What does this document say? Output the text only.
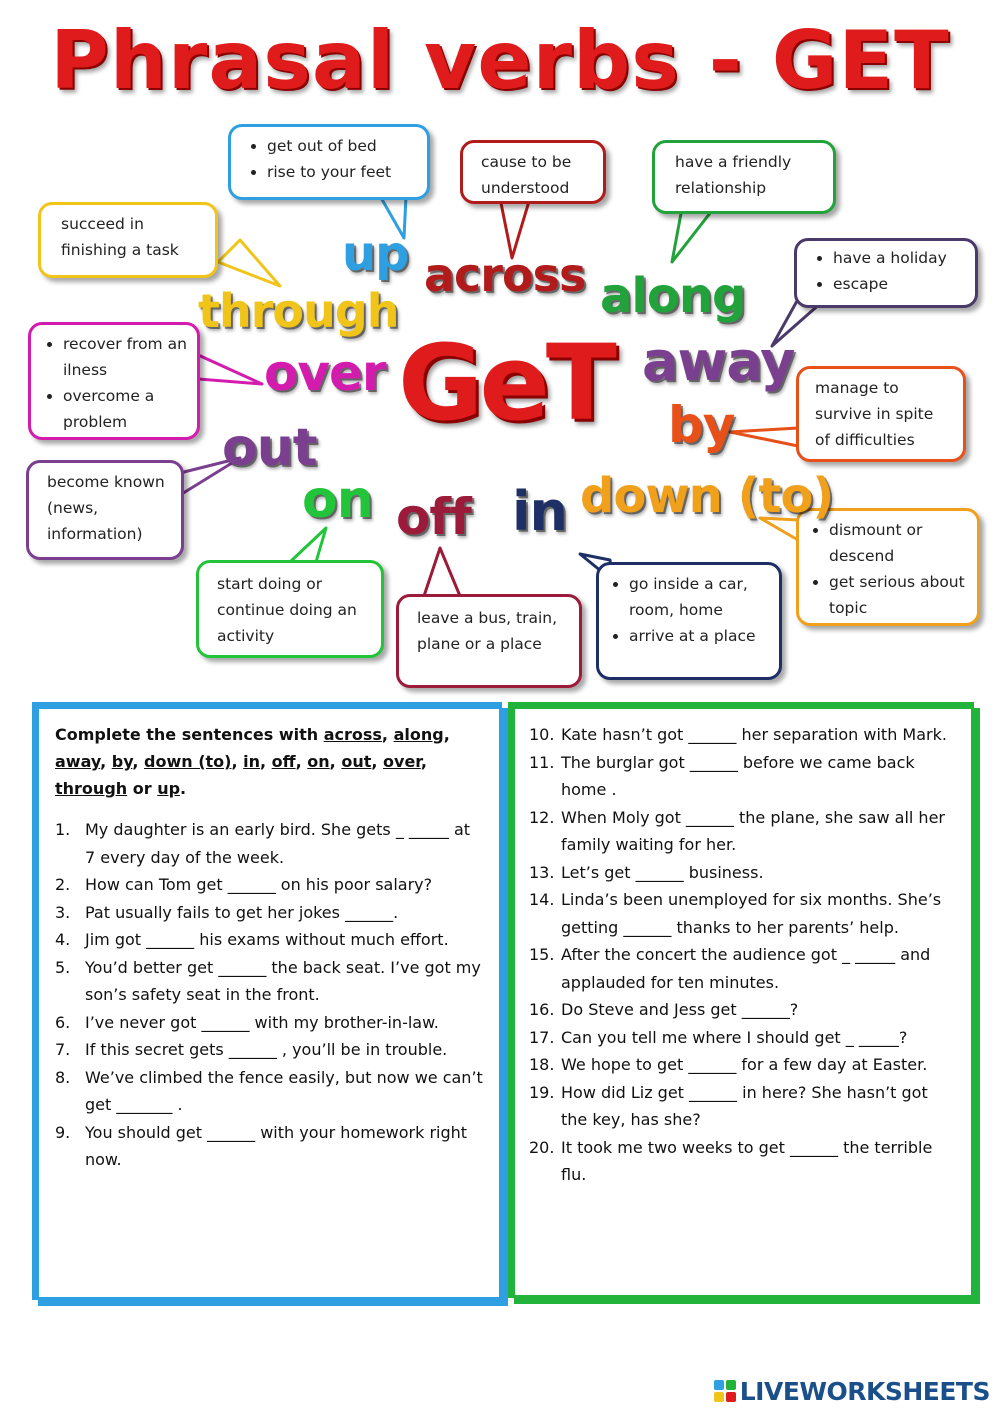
Phrasal verbs - GET
• get out of bed
• rise to your feet

cause to be understood

have a friendly relationship

succeed in finishing a task

•	have a holiday
• escape
• recover from an ilness
• overcome a problem

manage to survive in spite of difficulties

become known (news, information)

start doing or continue doing an activity

leave a bus, train, plane or a place

• go inside a car, room, home
• arrive at a place
• dismount or descend
• get serious about topic
up across along
through
over GeT away
by
out
on off in down (to)
Complete the sentences with across, along, away, by, down (to), in, off, on, out, over, through or up.
1. My daughter is an early bird. She gets _ _____ at 7 every day of the week.
2. How can Tom get ______ on his poor salary?
3. Pat usually fails to get her jokes ______.
4. Jim got ______ his exams without much effort.
5. You’d better get ______ the back seat. I’ve got my son’s safety seat in the front.
6. I’ve never got ______ with my brother-in-law.
7. If this secret gets ______ , you’ll be in trouble.
8. We’ve climbed the fence easily, but now we can’t get _______ .
9. You should get ______ with your homework right now.
10. Kate hasn’t got ______ her separation with Mark.
11. The burglar got ______ before we came back home .
12. When Moly got ______ the plane, she saw all her family waiting for her.
13. Let’s get ______ business.
14. Linda’s been unemployed for six months. She’s getting ______ thanks to her parents’ help.
15. After the concert the audience got _ _____ and applauded for ten minutes.
16. Do Steve and Jess get ______?
17. Can you tell me where I should get _ _____?
18. We hope to get ______ for a few day at Easter.
19. How did Liz get ______ in here? She hasn’t got the key, has she?
20. It took me two weeks to get ______ the terrible flu.
LIVEWORKSHEETS
